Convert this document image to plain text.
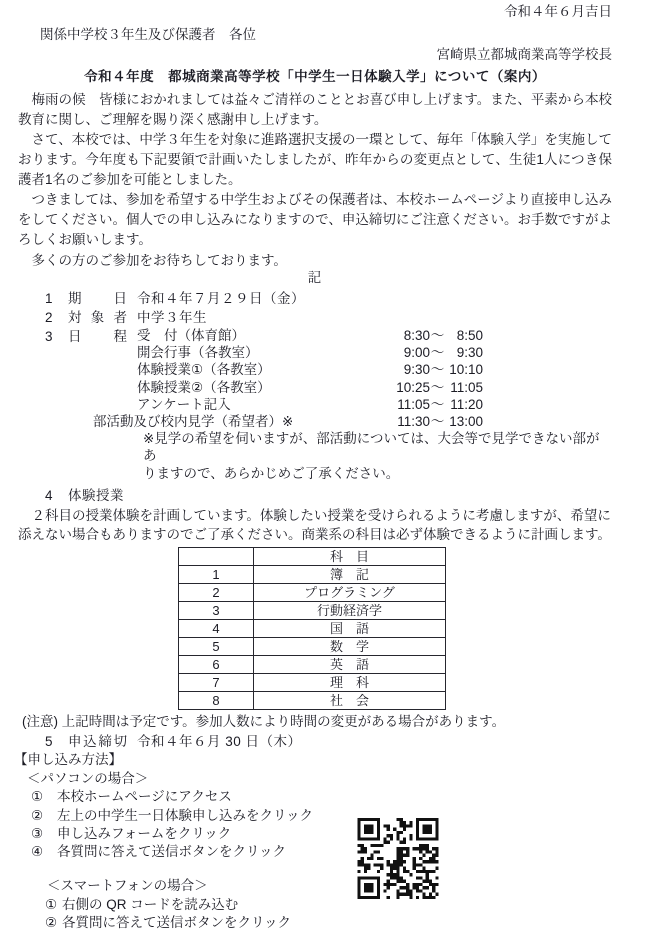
令和４年６月吉日
関係中学校３年生及び保護者　各位
宮崎県立都城商業高等学校長
令和４年度　都城商業高等学校「中学生一日体験入学」について（案内）

梅雨の候　皆様におかれましては益々ご清祥のこととお喜び申し上げます。また、平素から本校教育に関し、ご理解を賜り深く感謝申し上げます。

さて、本校では、中学３年生を対象に進路選択支援の一環として、毎年「体験入学」を実施しております。今年度も下記要領で計画いたしましたが、昨年からの変更点として、生徒1人につき保護者1名のご参加を可能としました。

つきましては、参加を希望する中学生およびその保護者は、本校ホームページより直接申し込みをしてください。個人での申し込みになりますので、申込締切にご注意ください。お手数ですがよろしくお願いします。

多くの方のご参加をお待ちしております。

記
1	期日 令和４年７月２９日（金）
2	対象者 中学３年生
3	日程 受　付（体育館）	8:30 ～ 8:50
開会行事（各教室）	9:00 ～ 9:30
体験授業①（各教室）	9:30 ～ 10:10
体験授業②（各教室）	10:25 ～ 11:05
アンケート記入	11:05 ～ 11:20
部活動及び校内見学（希望者）※	11:30 ～ 13:00
※見学の希望を伺いますが、部活動については、大会等で見学できない部があ
りますので、あらかじめご了承ください。
4	体験授業
２科目の授業体験を計画しています。体験したい授業を受けられるように考慮しますが、希望に添えない場合もありますのでご了承ください。商業系の科目は必ず体験できるように計画します。
	科　目
1	簿　記
2	プログラミング
3	行動経済学
4	国　語
5	数　学
6	英　語
7	理　科
8	社　会
(注意) 上記時間は予定です。参加人数により時間の変更がある場合があります。
5	申込締切 令和４年６月 30 日（木）
【申し込み方法】
＜パソコンの場合＞
①	本校ホームページにアクセス
②	左上の中学生一日体験申し込みをクリック
③	申し込みフォームをクリック
④	各質問に答えて送信ボタンをクリック
＜スマートフォンの場合＞
① 右側の QR コードを読み込む
② 各質問に答えて送信ボタンをクリック
